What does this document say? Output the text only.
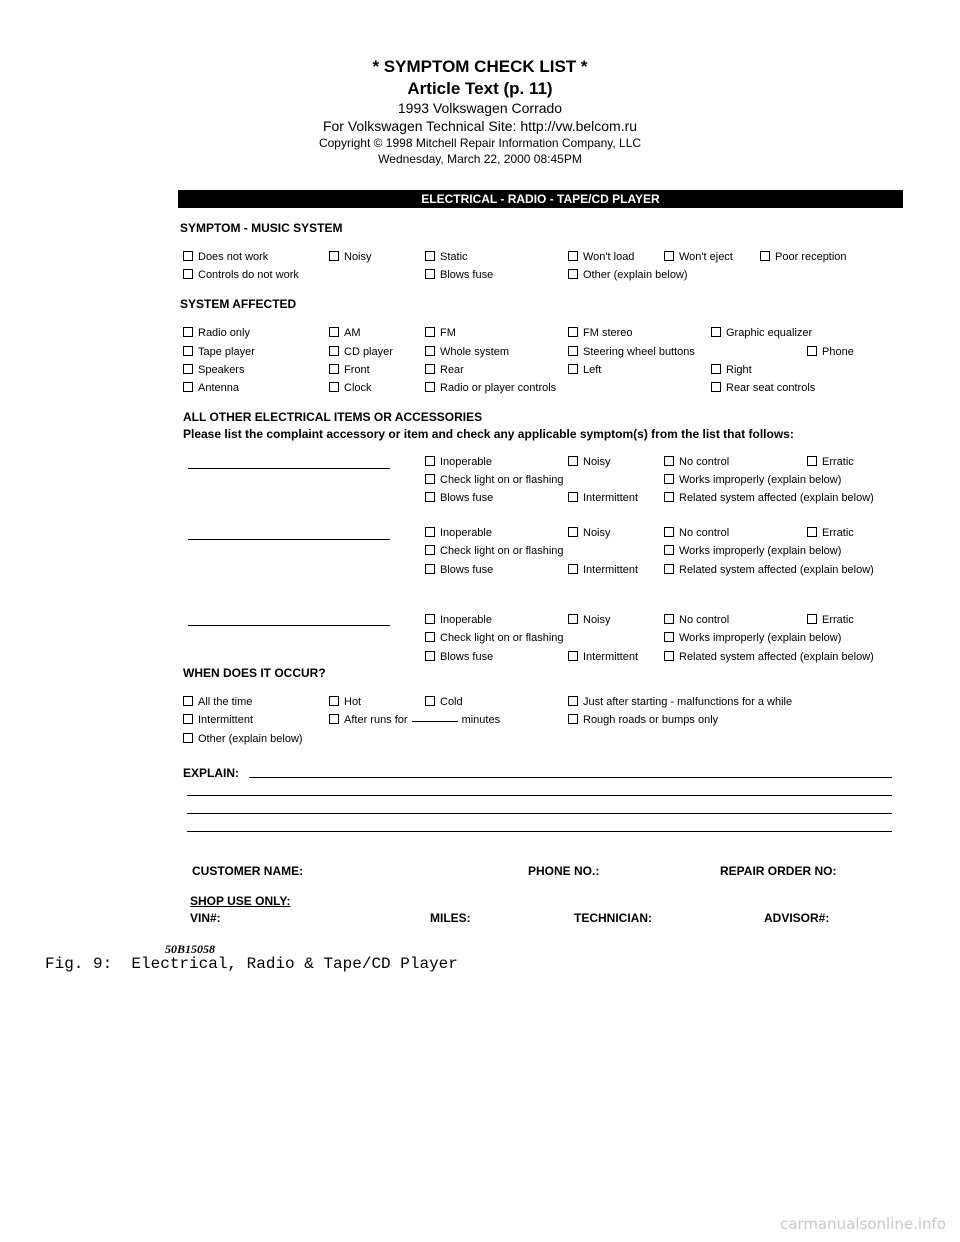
* SYMPTOM CHECK LIST *
Article Text (p. 11)
1993 Volkswagen Corrado
For Volkswagen Technical Site: http://vw.belcom.ru
Copyright © 1998 Mitchell Repair Information Company, LLC
Wednesday, March 22, 2000 08:45PM
ELECTRICAL - RADIO - TAPE/CD PLAYER
SYMPTOM - MUSIC SYSTEM
Does not work	Noisy	Static	Won't load	Won't eject	Poor reception
Controls do not work	Blows fuse	Other (explain below)
SYSTEM AFFECTED
Radio only	AM	FM	FM stereo	Graphic equalizer
Tape player	CD player	Whole system	Steering wheel buttons	Phone
Speakers	Front	Rear	Left	Right
Antenna	Clock	Radio or player controls	Rear seat controls
ALL OTHER ELECTRICAL ITEMS OR ACCESSORIES
Please list the complaint accessory or item and check any applicable symptom(s) from the list that follows:
Inoperable	Noisy	No control	Erratic
Check light on or flashing	Works improperly (explain below)
Blows fuse	Intermittent	Related system affected (explain below)
Inoperable	Noisy	No control	Erratic
Check light on or flashing	Works improperly (explain below)
Blows fuse	Intermittent	Related system affected (explain below)
Inoperable	Noisy	No control	Erratic
Check light on or flashing	Works improperly (explain below)
Blows fuse	Intermittent	Related system affected (explain below)
WHEN DOES IT OCCUR?
All the time	Hot	Cold	Just after starting - malfunctions for a while
Intermittent	After runs for	minutes	Rough roads or bumps only
Other (explain below)
EXPLAIN:
CUSTOMER NAME:	PHONE NO.:	REPAIR ORDER NO:
SHOP USE ONLY:
VIN#:	MILES:	TECHNICIAN:	ADVISOR#:
50B15058
Fig. 9:  Electrical, Radio & Tape/CD Player
carmanualsonline.info
